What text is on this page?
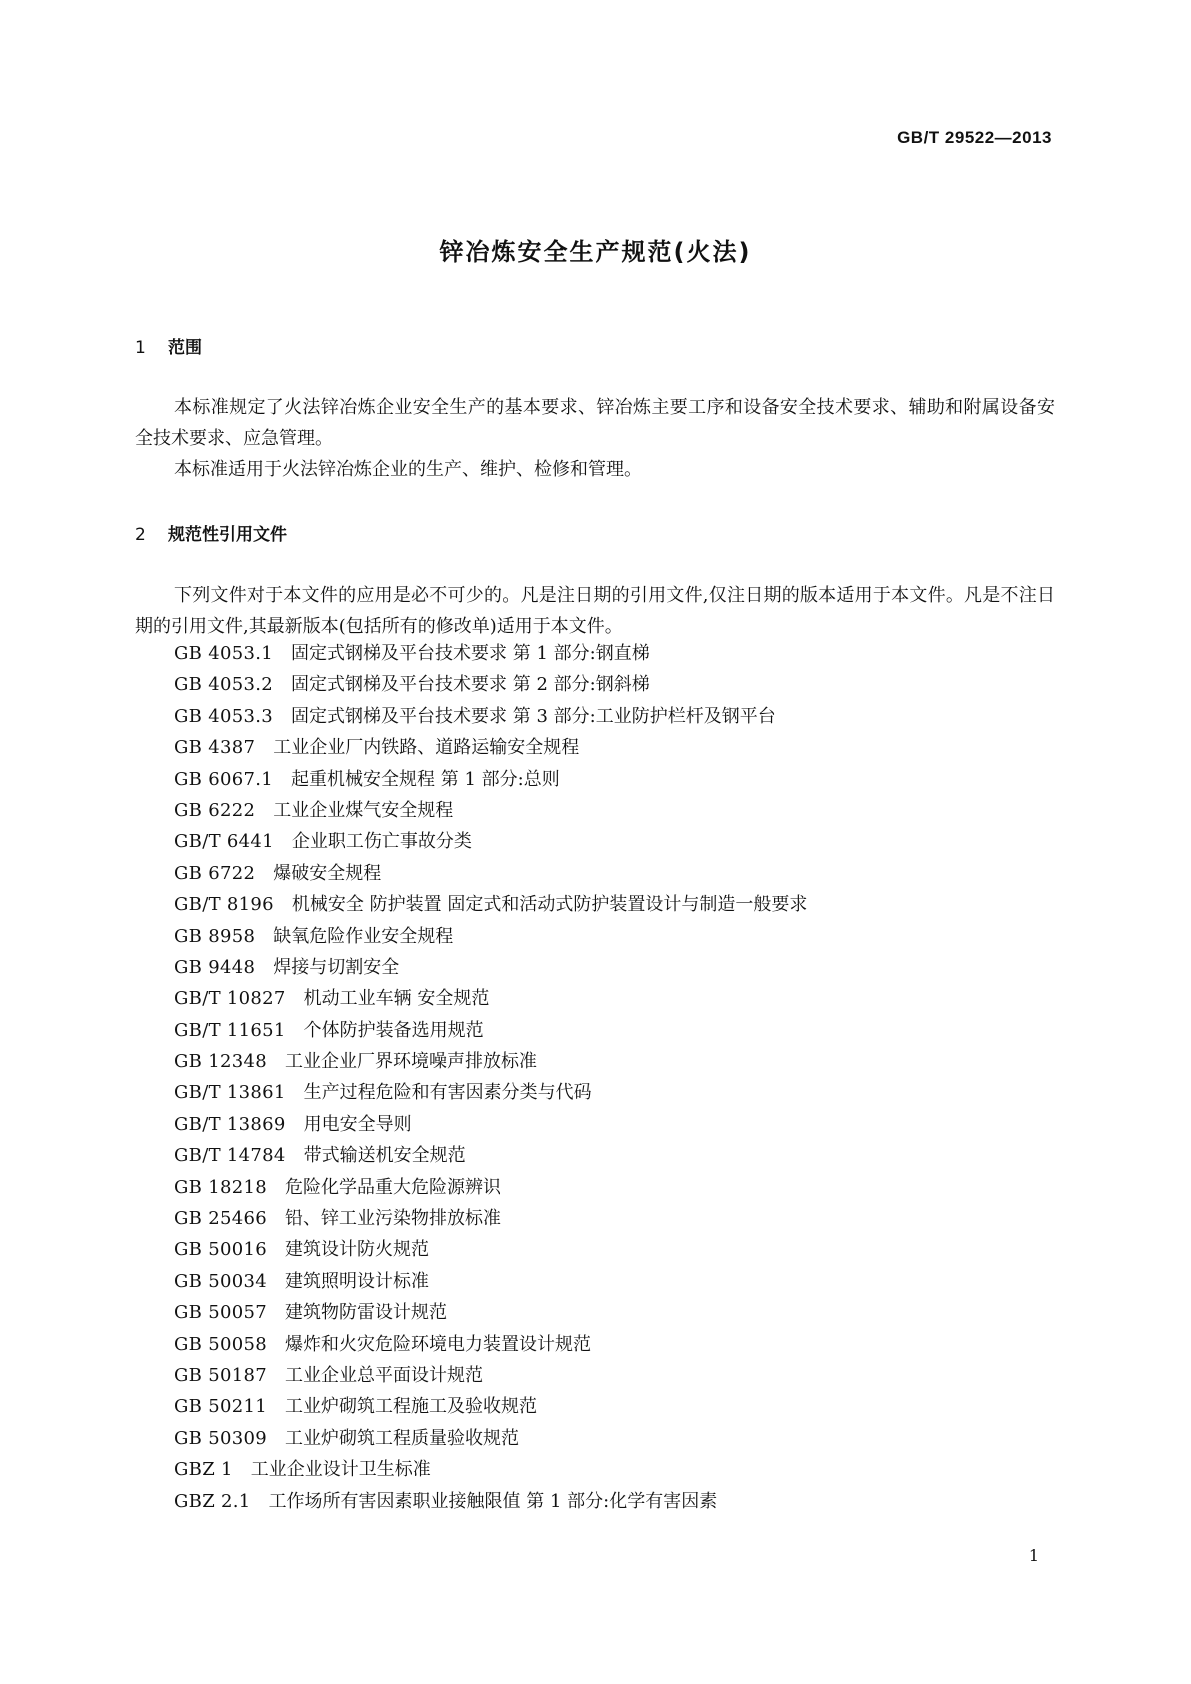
GB/T 29522—2013
锌冶炼安全生产规范(火法)
1 范围

本标准规定了火法锌冶炼企业安全生产的基本要求、锌冶炼主要工序和设备安全技术要求、辅助和附属设备安全技术要求、应急管理。

本标准适用于火法锌冶炼企业的生产、维护、检修和管理。

2 规范性引用文件

下列文件对于本文件的应用是必不可少的。凡是注日期的引用文件,仅注日期的版本适用于本文件。凡是不注日期的引用文件,其最新版本(包括所有的修改单)适用于本文件。

GB 4053.1 固定式钢梯及平台技术要求 第 1 部分:钢直梯
GB 4053.2 固定式钢梯及平台技术要求 第 2 部分:钢斜梯
GB 4053.3 固定式钢梯及平台技术要求 第 3 部分:工业防护栏杆及钢平台
GB 4387 工业企业厂内铁路、道路运输安全规程
GB 6067.1 起重机械安全规程 第 1 部分:总则
GB 6222 工业企业煤气安全规程
GB/T 6441 企业职工伤亡事故分类
GB 6722 爆破安全规程
GB/T 8196 机械安全 防护装置 固定式和活动式防护装置设计与制造一般要求
GB 8958 缺氧危险作业安全规程
GB 9448 焊接与切割安全
GB/T 10827 机动工业车辆 安全规范
GB/T 11651 个体防护装备选用规范
GB 12348 工业企业厂界环境噪声排放标准
GB/T 13861 生产过程危险和有害因素分类与代码
GB/T 13869 用电安全导则
GB/T 14784 带式输送机安全规范
GB 18218 危险化学品重大危险源辨识
GB 25466 铅、锌工业污染物排放标准
GB 50016 建筑设计防火规范
GB 50034 建筑照明设计标准
GB 50057 建筑物防雷设计规范
GB 50058 爆炸和火灾危险环境电力装置设计规范
GB 50187 工业企业总平面设计规范
GB 50211 工业炉砌筑工程施工及验收规范
GB 50309 工业炉砌筑工程质量验收规范
GBZ 1 工业企业设计卫生标准
GBZ 2.1 工作场所有害因素职业接触限值 第 1 部分:化学有害因素
1
